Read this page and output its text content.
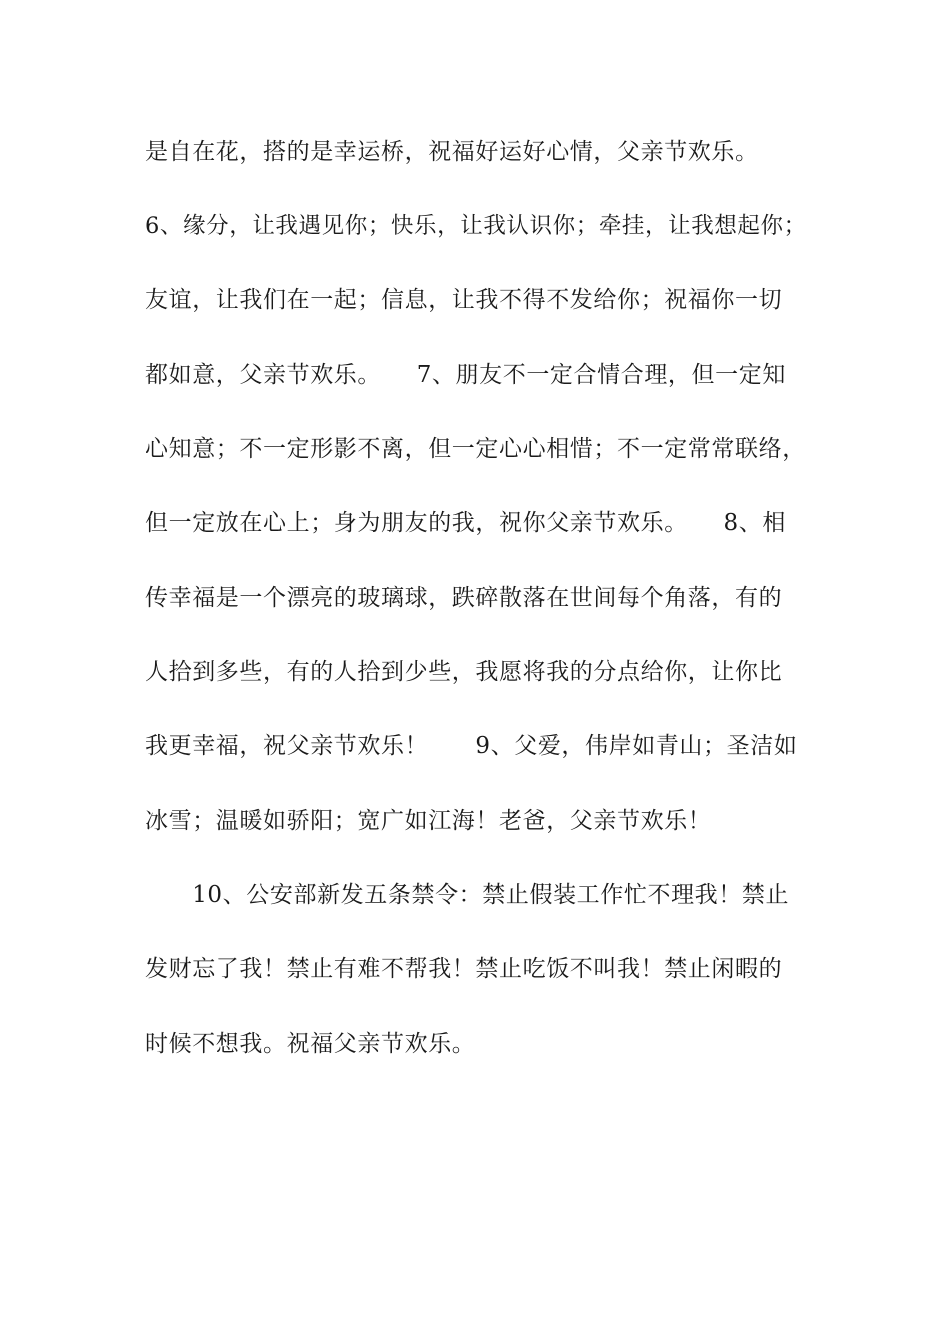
是自在花，搭的是幸运桥，祝福好运好心情，父亲节欢乐。
6、缘分，让我遇见你；快乐，让我认识你；牵挂，让我想起你；
友谊，让我们在一起；信息，让我不得不发给你；祝福你一切
都如意，父亲节欢乐。　　7、朋友不一定合情合理，但一定知
心知意；不一定形影不离，但一定心心相惜；不一定常常联络，
但一定放在心上；身为朋友的我，祝你父亲节欢乐。　　8、相
传幸福是一个漂亮的玻璃球，跌碎散落在世间每个角落，有的
人拾到多些，有的人拾到少些，我愿将我的分点给你，让你比
我更幸福，祝父亲节欢乐！　　9、父爱，伟岸如青山；圣洁如
冰雪；温暖如骄阳；宽广如江海！老爸，父亲节欢乐！
　　10、公安部新发五条禁令：禁止假装工作忙不理我！禁止
发财忘了我！禁止有难不帮我！禁止吃饭不叫我！禁止闲暇的
时候不想我。祝福父亲节欢乐。
